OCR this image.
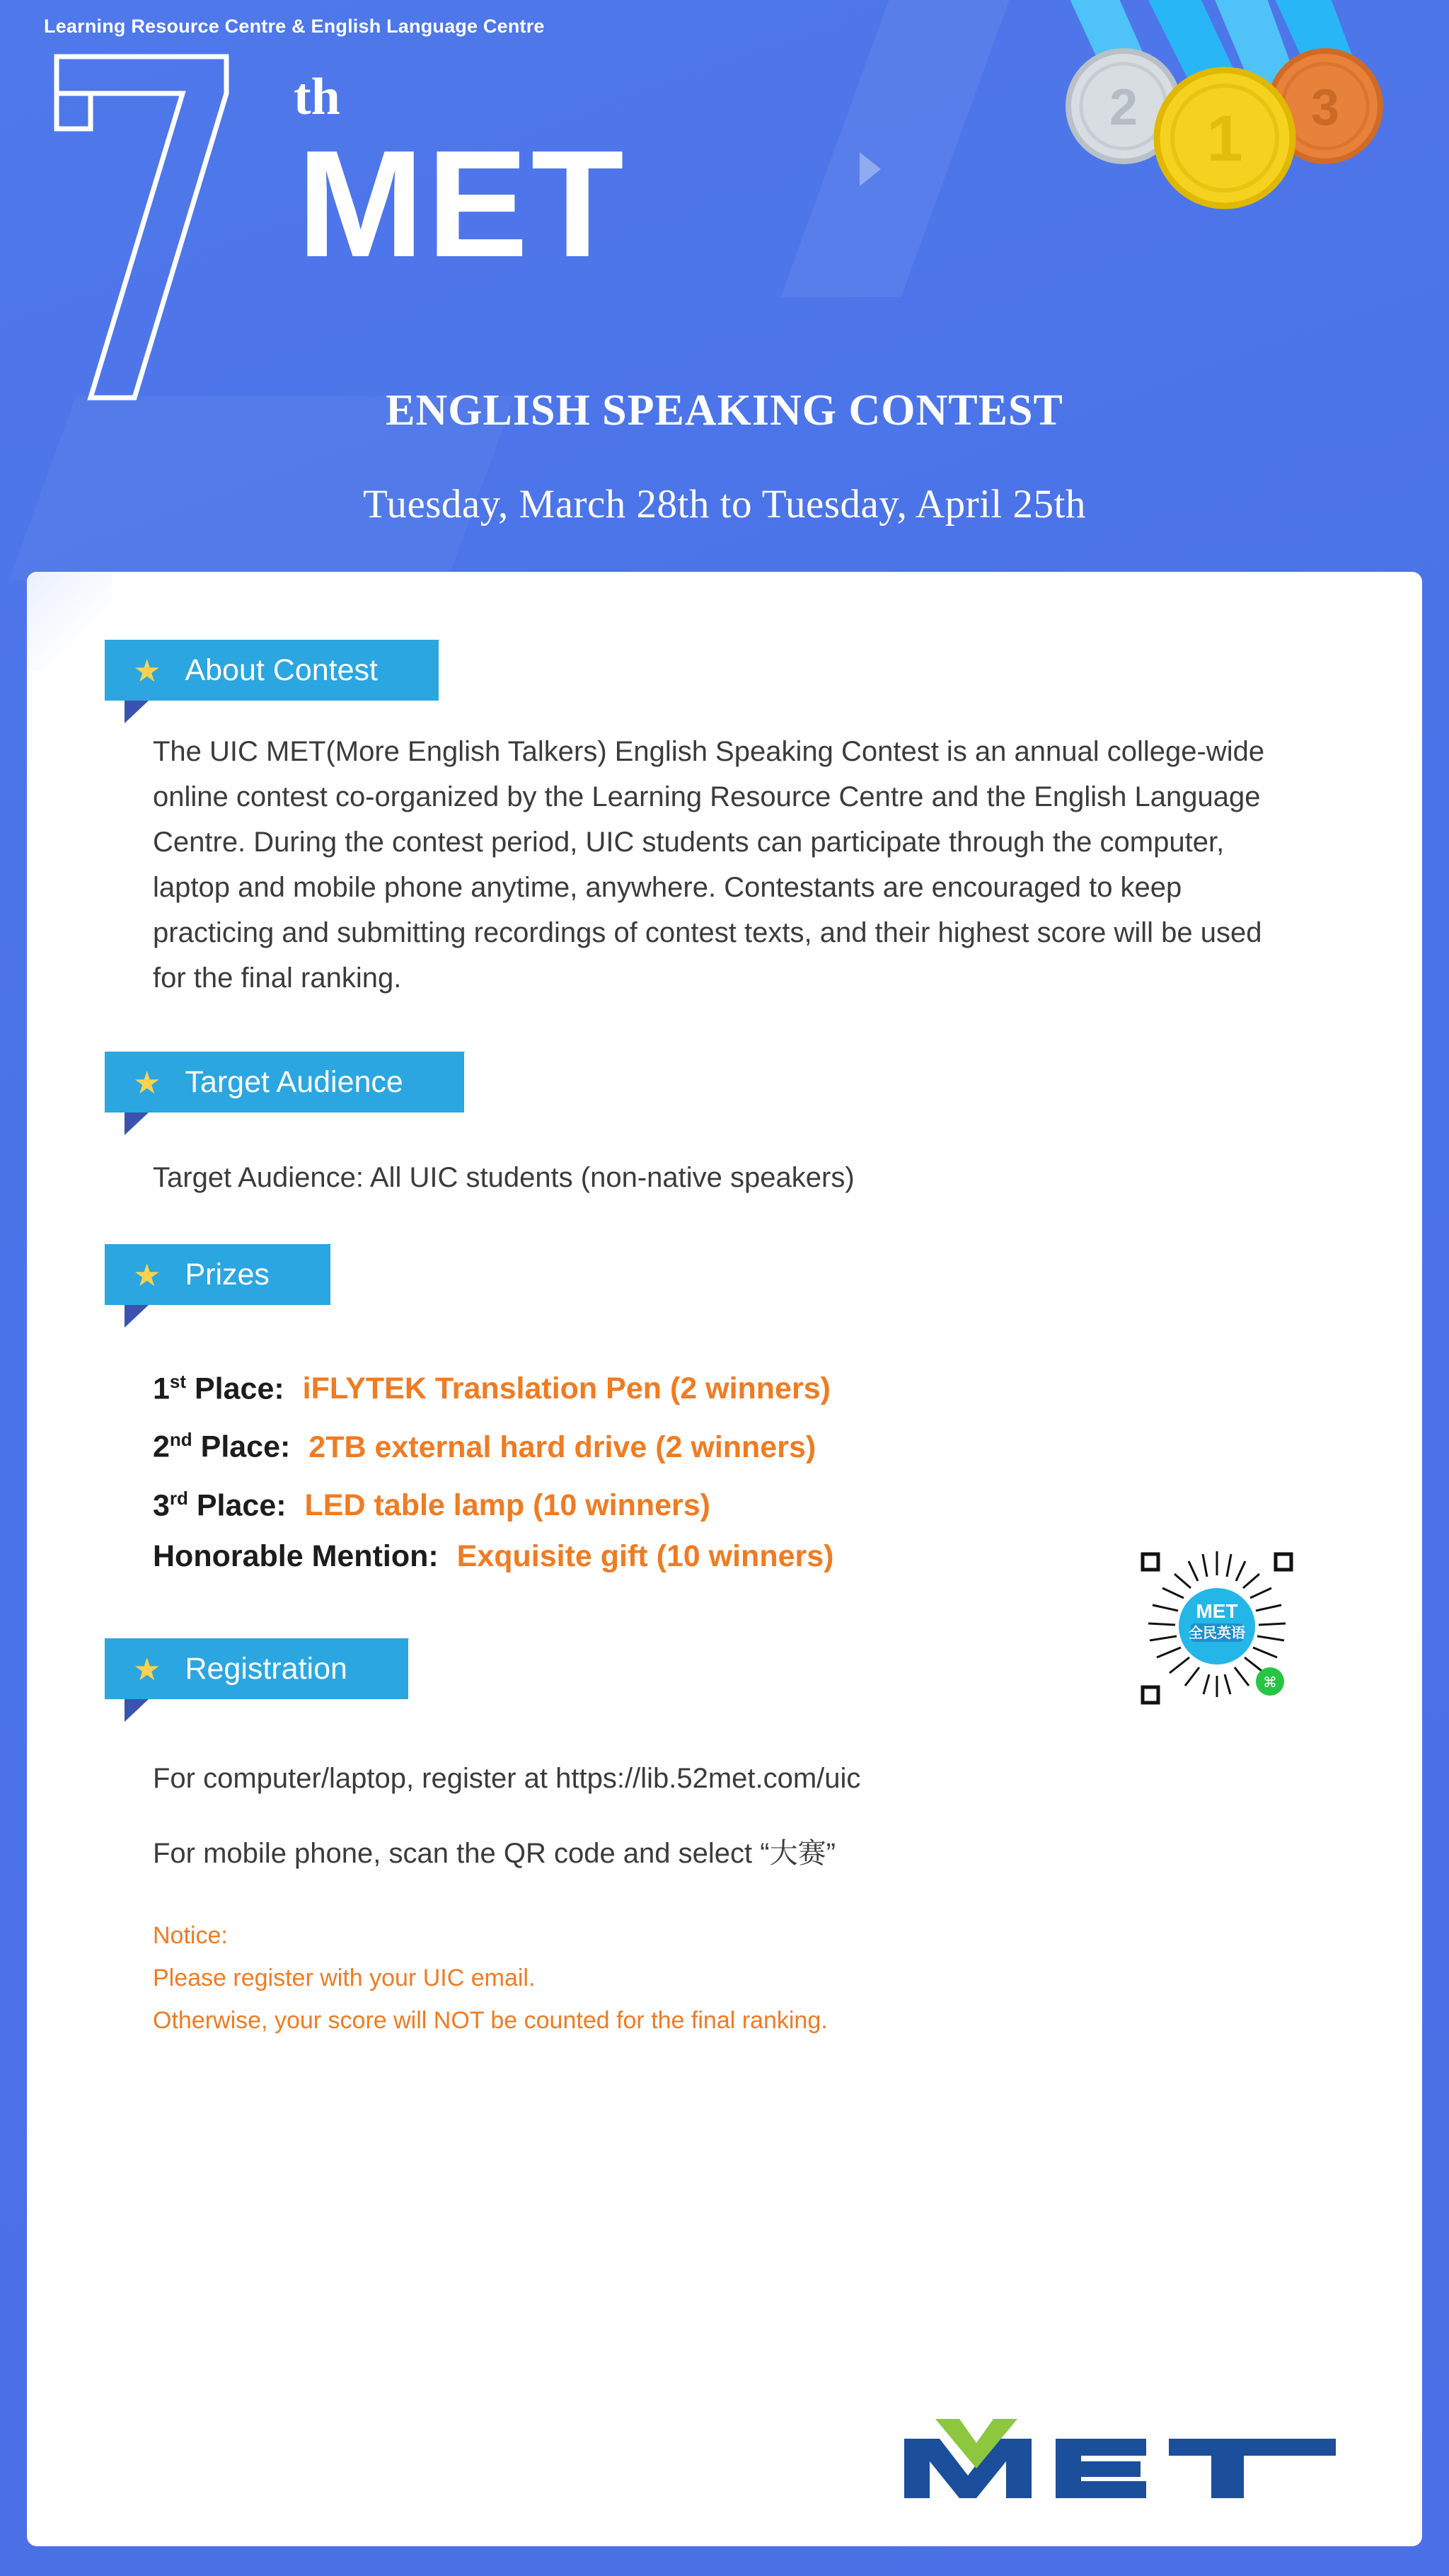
Learning Resource Centre & English Language Centre
th
MET
2	3
1
ENGLISH SPEAKING CONTEST
Tuesday, March 28th to Tuesday, April 25th
★ About Contest
The UIC MET(More English Talkers) English Speaking Contest is an annual college-wide online contest co-organized by the Learning Resource Centre and the English Language Centre. During the contest period, UIC students can participate through the computer, laptop and mobile phone anytime, anywhere. Contestants are encouraged to keep practicing and submitting recordings of contest texts, and their highest score will be used for the final ranking.
★ Target Audience
Target Audience: All UIC students (non-native speakers)
★ Prizes
1st Place: iFLYTEK Translation Pen (2 winners)
2nd Place: 2TB external hard drive (2 winners)
3rd Place: LED table lamp (10 winners)
Honorable Mention: Exquisite gift (10 winners)
★ Registration
For computer/laptop, register at https://lib.52met.com/uic
For mobile phone, scan the QR code and select “大赛”
Notice:
Please register with your UIC email.
Otherwise, your score will NOT be counted for the final ranking.
MET
全民英语
⌘
